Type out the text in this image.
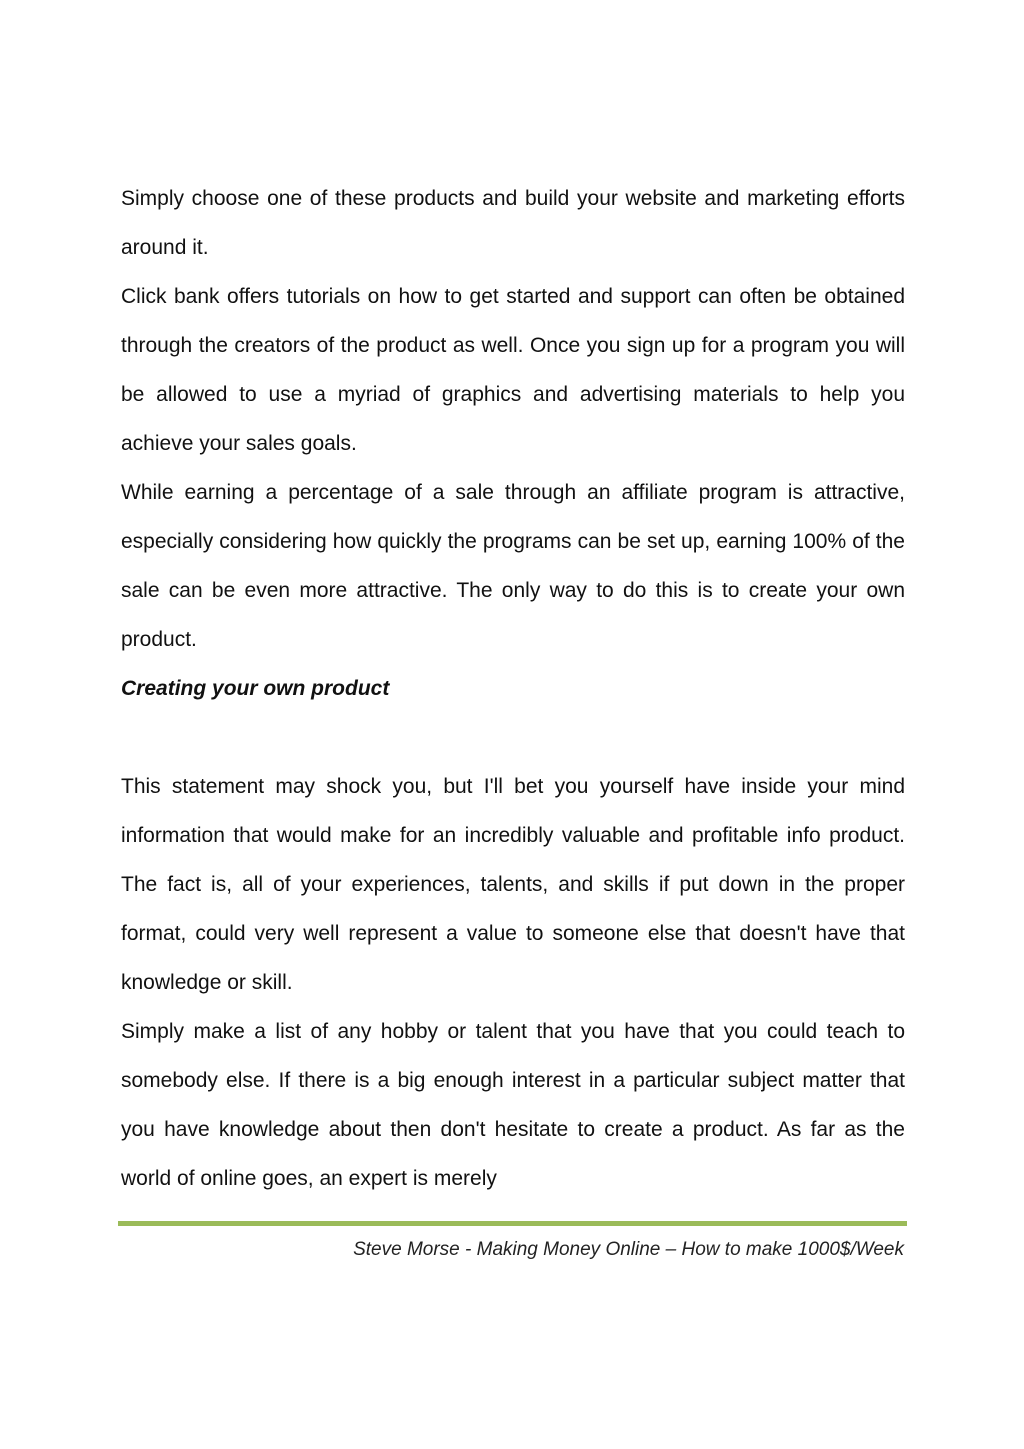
Simply choose one of these products and build your website and marketing efforts around it.

Click bank offers tutorials on how to get started and support can often be obtained through the creators of the product as well. Once you sign up for a program you will be allowed to use a myriad of graphics and advertising materials to help you achieve your sales goals.

While earning a percentage of a sale through an affiliate program is attractive, especially considering how quickly the programs can be set up, earning 100% of the sale can be even more attractive. The only way to do this is to create your own product.

Creating your own product

This statement may shock you, but I'll bet you yourself have inside your mind information that would make for an incredibly valuable and profitable info product. The fact is, all of your experiences, talents, and skills if put down in the proper format, could very well represent a value to someone else that doesn't have that knowledge or skill.

Simply make a list of any hobby or talent that you have that you could teach to somebody else. If there is a big enough interest in a particular subject matter that you have knowledge about then don't hesitate to create a product. As far as the world of online goes, an expert is merely

Steve Morse - Making Money Online – How to make 1000$/Week
